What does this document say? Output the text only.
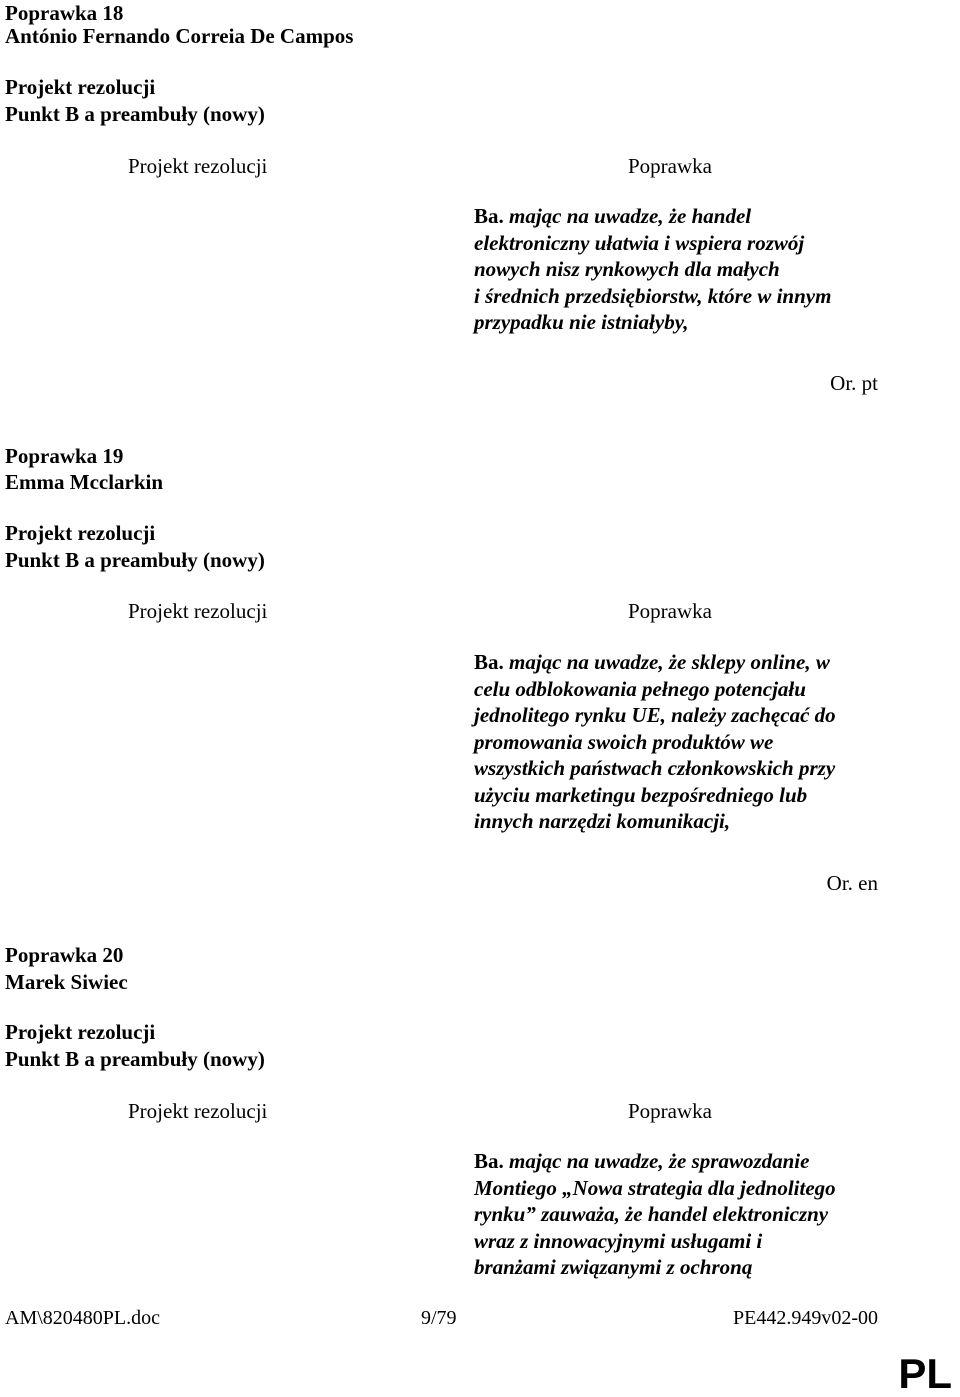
Poprawka 18
António Fernando Correia De Campos
Projekt rezolucji
Punkt B a preambuły (nowy)
Projekt rezolucji	Poprawka
Ba. mając na uwadze, że handel
elektroniczny ułatwia i wspiera rozwój
nowych nisz rynkowych dla małych
i średnich przedsiębiorstw, które w innym
przypadku nie istniałyby,
Or. pt
Poprawka 19
Emma Mcclarkin
Projekt rezolucji
Punkt B a preambuły (nowy)
Projekt rezolucji	Poprawka
Ba. mając na uwadze, że sklepy online, w
celu odblokowania pełnego potencjału
jednolitego rynku UE, należy zachęcać do
promowania swoich produktów we
wszystkich państwach członkowskich przy
użyciu marketingu bezpośredniego lub
innych narzędzi komunikacji,
Or. en
Poprawka 20
Marek Siwiec
Projekt rezolucji
Punkt B a preambuły (nowy)
Projekt rezolucji	Poprawka
Ba. mając na uwadze, że sprawozdanie
Montiego „Nowa strategia dla jednolitego
rynku” zauważa, że handel elektroniczny
wraz z innowacyjnymi usługami i
branżami związanymi z ochroną
AM\820480PL.doc	9/79	PE442.949v02-00
PL
